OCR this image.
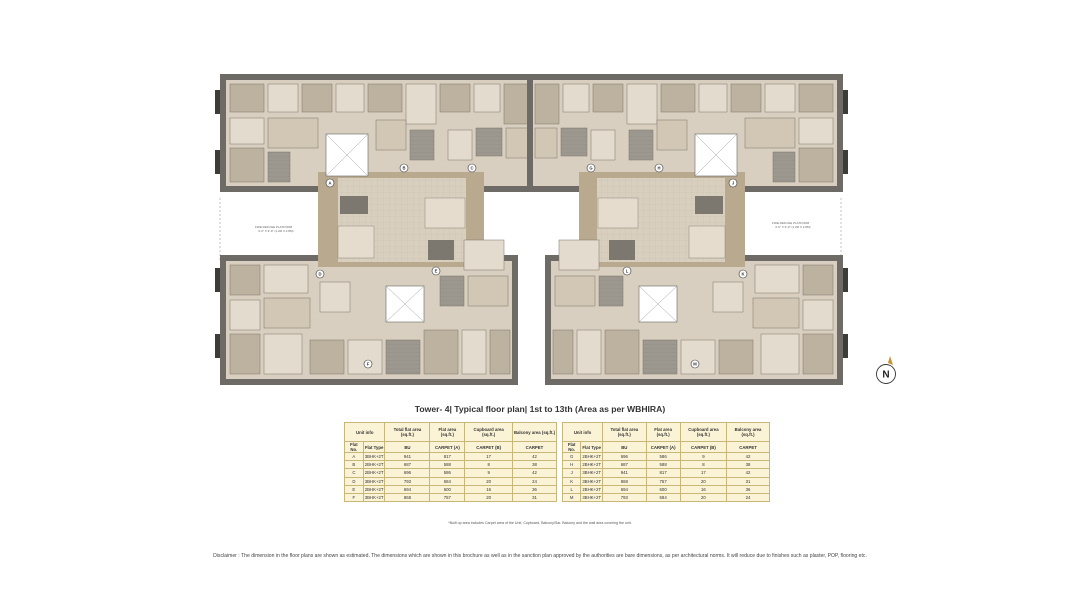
FIRE REFUGE PLATFORM
4'-0" X 9'-0" (1.2M X 2.8M)
FIRE REFUGE PLATFORM
4'-0" X 9'-0" (1.2M X 2.8M)
A
B	C
D
E
F
G	H
J
K
L
M
N
Tower- 4| Typical floor plan| 1st to 13th (Area as per WBHIRA)
Unit info		Total flat area (sq.ft.)	Flat area (sq.ft.)	Cupboard area (sq.ft.)	Balcony area (sq.ft.)
Flat No.	Flat Type	BU	CARPET (A)	CARPET (B)	CARPET
A	3BHK+2T	941	817	17	42
B	2BHK+2T	687	588	8	38
C	2BHK+2T	696	586	9	42
D	3BHK+2T	793	684	20	24
E	2BHK+2T	694	600	16	36
F	3BHK+2T	868	757	20	31
Unit info		Total flat area (sq.ft.)	Flat area (sq.ft.)	Cupboard area (sq.ft.)	Balcony area (sq.ft.)
Flat No.	Flat Type	BU	CARPET (A)	CARPET (B)	CARPET
G	2BHK+2T	696	586	9	42
H	2BHK+2T	687	588	8	38
J	3BHK+2T	941	817	17	42
K	3BHK+2T	868	757	20	31
L	2BHK+2T	694	600	16	36
M	3BHK+2T	793	684	20	24
*Built up area includes Carpet area of the Unit, Cupboard, Balcony/Sar. Balcony and the wall area covering the unit.
Disclaimer : The dimension in the floor plans are shown as estimated. The dimensions which are shown in this brochure as well as in the sanction plan approved by the authorities are bare dimensions, as per architectural norms. It will reduce due to finishes such as plaster, POP, flooring etc.
